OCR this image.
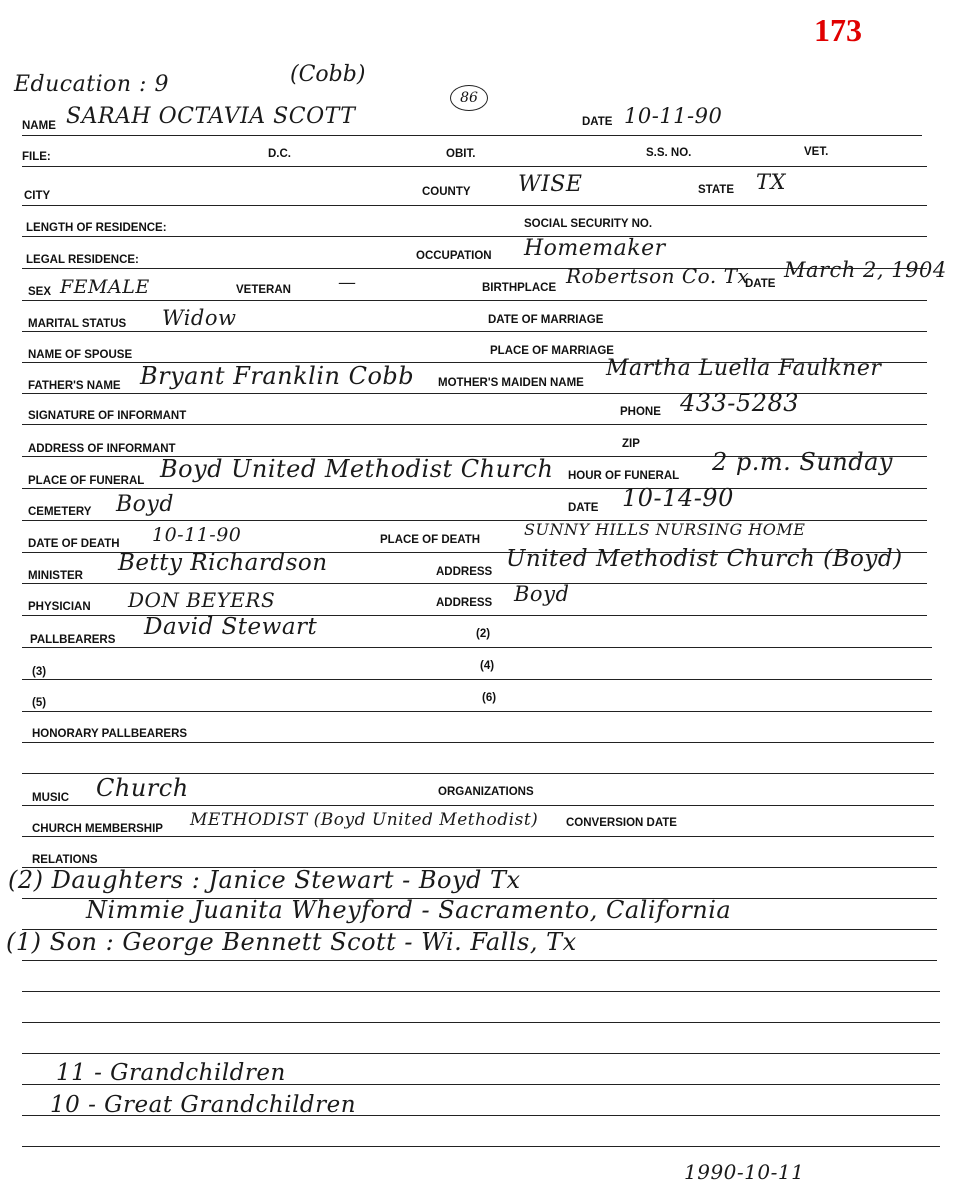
173
Education : 9	(Cobb)
NAME SARAH OCTAVIA SCOTT
86
DATE 10-11-90
FILE:	D.C.	OBIT.	S.S. NO.	VET.
CITY	COUNTY WISE	STATE TX
LENGTH OF RESIDENCE:	SOCIAL SECURITY NO.
LEGAL RESIDENCE:	OCCUPATION Homemaker
SEX FEMALE	VETERAN	—	BIRTHPLACE Robertson Co. Tx
DATE
March 2, 1904
MARITAL STATUS Widow	DATE OF MARRIAGE
NAME OF SPOUSE	PLACE OF MARRIAGE
FATHER'S NAME Bryant Franklin Cobb MOTHER'S MAIDEN NAME
Martha Luella Faulkner
SIGNATURE OF INFORMANT	PHONE 433-5283
ADDRESS OF INFORMANT	ZIP
PLACE OF FUNERAL Boyd United Methodist Church HOUR OF FUNERAL 2 p.m. Sunday
CEMETERY Boyd	DATE 10-14-90
DATE OF DEATH 10-11-90	PLACE OF DEATH
SUNNY HILLS NURSING HOME
MINISTER Betty Richardson	ADDRESS United Methodist Church (Boyd)
PHYSICIAN DON BEYERS	ADDRESS Boyd
PALLBEARERS David Stewart	(2)
(3)	(4)
(5)	(6)
HONORARY PALLBEARERS
MUSIC Church	ORGANIZATIONS
CHURCH MEMBERSHIP METHODIST (Boyd United Methodist) CONVERSION DATE
RELATIONS
(2) Daughters : Janice Stewart - Boyd Tx
Nimmie Juanita Wheyford - Sacramento, California
(1) Son : George Bennett Scott - Wi. Falls, Tx
11 - Grandchildren
10 - Great Grandchildren
1990-10-11
